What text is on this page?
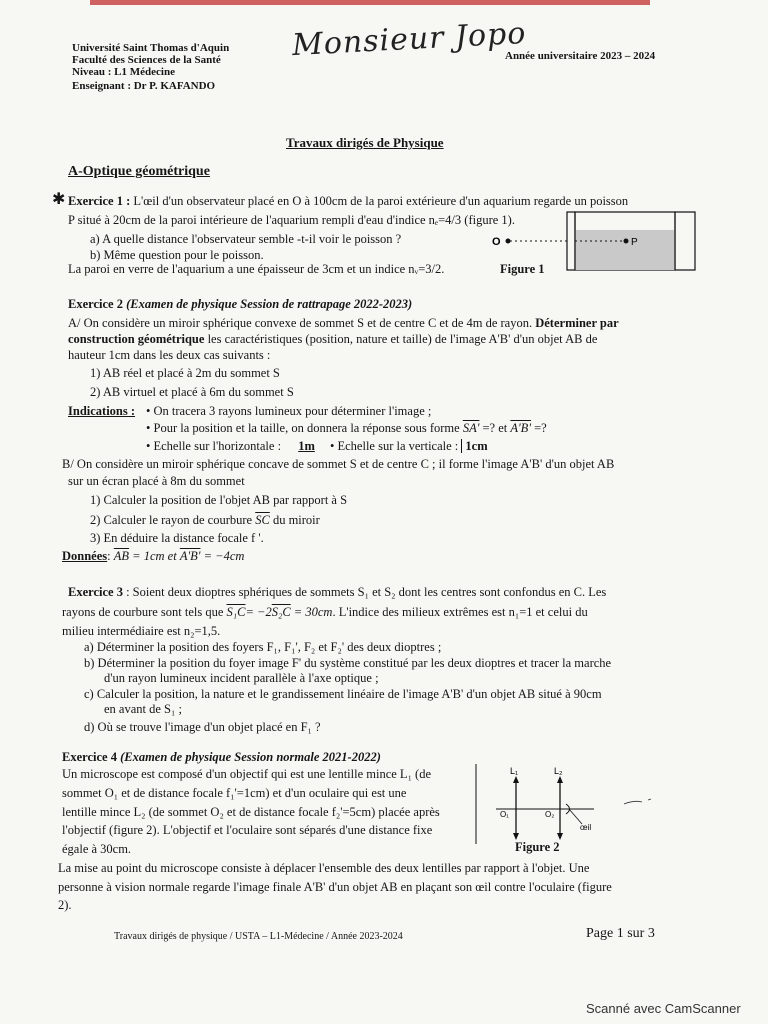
Université Saint Thomas d'Aquin
Faculté des Sciences de la Santé
Niveau : L1 Médecine
Enseignant : Dr P. KAFANDO
Monsieur Jopo
Année universitaire 2023 – 2024
Travaux dirigés de Physique
A-Optique géométrique
✱ Exercice 1 : L'œil d'un observateur placé en O à 100cm de la paroi extérieure d'un aquarium regarde un poisson
P situé à 20cm de la paroi intérieure de l'aquarium rempli d'eau d'indice nₑ=4/3 (figure 1).
a) A quelle distance l'observateur semble -t-il voir le poisson ?
b) Même question pour le poisson.
La paroi en verre de l'aquarium a une épaisseur de 3cm et un indice nᵥ=3/2.
O	P
Figure 1
Exercice 2 (Examen de physique Session de rattrapage 2022-2023)
A/ On considère un miroir sphérique convexe de sommet S et de centre C et de 4m de rayon. Déterminer par
construction géométrique les caractéristiques (position, nature et taille) de l'image A'B' d'un objet AB de
hauteur 1cm dans les deux cas suivants :
1) AB réel et placé à 2m du sommet S
2) AB virtuel et placé à 6m du sommet S
Indications : • On tracera 3 rayons lumineux pour déterminer l'image ;
• Pour la position et la taille, on donnera la réponse sous forme SA' =? et A'B' =?
• Echelle sur l'horizontale : 1m • Echelle sur la verticale : 1cm
B/ On considère un miroir sphérique concave de sommet S et de centre C ; il forme l'image A'B' d'un objet AB
sur un écran placé à 8m du sommet
1) Calculer la position de l'objet AB par rapport à S
2) Calculer le rayon de courbure $\overline{SC}$ du miroir
3) En déduire la distance focale f '.
Données: $\overline{AB} = 1cm$ et A'B' = −4cm
Exercice 3 : Soient deux dioptres sphériques de sommets S₁ et S₂ dont les centres sont confondus en C. Les
rayons de courbure sont tels que S₁C= −2S₂C = 30cm. L'indice des milieux extrêmes est n₁=1 et celui du
milieu intermédiaire est n₂=1,5.
a) Déterminer la position des foyers F₁, F₁', F₂ et F₂' des deux dioptres ;
b) Déterminer la position du foyer image F' du système constitué par les deux dioptres et tracer la marche
d'un rayon lumineux incident parallèle à l'axe optique ;
c) Calculer la position, la nature et le grandissement linéaire de l'image A'B' d'un objet AB situé à 90cm
en avant de S₁ ;
d) Où se trouve l'image d'un objet placé en F₁ ?
Exercice 4 (Examen de physique Session normale 2021-2022)
Un microscope est composé d'un objectif qui est une lentille mince L₁ (de
sommet O₁ et de distance focale f₁'=1cm) et d'un oculaire qui est une
lentille mince L₂ (de sommet O₂ et de distance focale f₂'=5cm) placée après
l'objectif (figure 2). L'objectif et l'oculaire sont séparés d'une distance fixe
égale à 30cm.
L₁	L₂
O₁	O₂
œil
Figure 2
La mise au point du microscope consiste à déplacer l'ensemble des deux lentilles par rapport à l'objet. Une
personne à vision normale regarde l'image finale A'B' d'un objet AB en plaçant son œil contre l'oculaire (figure
2).
Travaux dirigés de physique / USTA – L1-Médecine / Année 2023-2024	Page 1 sur 3
Scanné avec CamScanner
